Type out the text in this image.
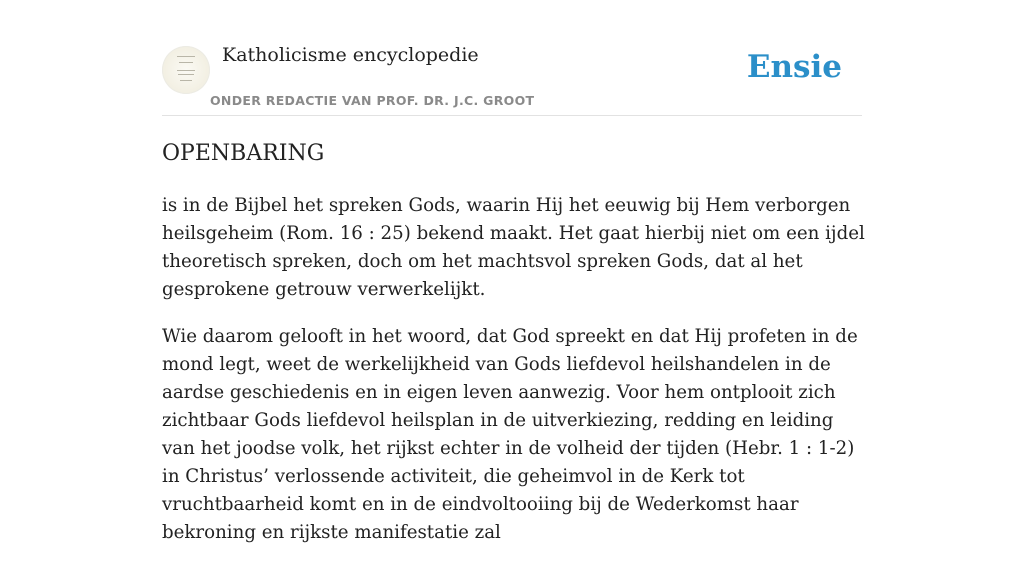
Katholicisme encyclopedie
ONDER REDACTIE VAN PROF. DR. J.C. GROOT
Ensie
OPENBARING

is in de Bijbel het spreken Gods, waarin Hij het eeuwig bij Hem verborgen heilsgeheim (Rom. 16 : 25) bekend maakt. Het gaat hierbij niet om een ijdel theoretisch spreken, doch om het machtsvol spreken Gods, dat al het gesprokene getrouw verwerkelijkt.

Wie daarom gelooft in het woord, dat God spreekt en dat Hij profeten in de mond legt, weet de werkelijkheid van Gods liefdevol heilshandelen in de aardse geschiedenis en in eigen leven aanwezig. Voor hem ontplooit zich zichtbaar Gods liefdevol heilsplan in de uitverkiezing, redding en leiding van het joodse volk, het rijkst echter in de volheid der tijden (Hebr. 1 : 1-2) in Christus’ verlossende activiteit, die geheimvol in de Kerk tot vruchtbaarheid komt en in de eindvoltooiing bij de Wederkomst haar bekroning en rijkste manifestatie zal
